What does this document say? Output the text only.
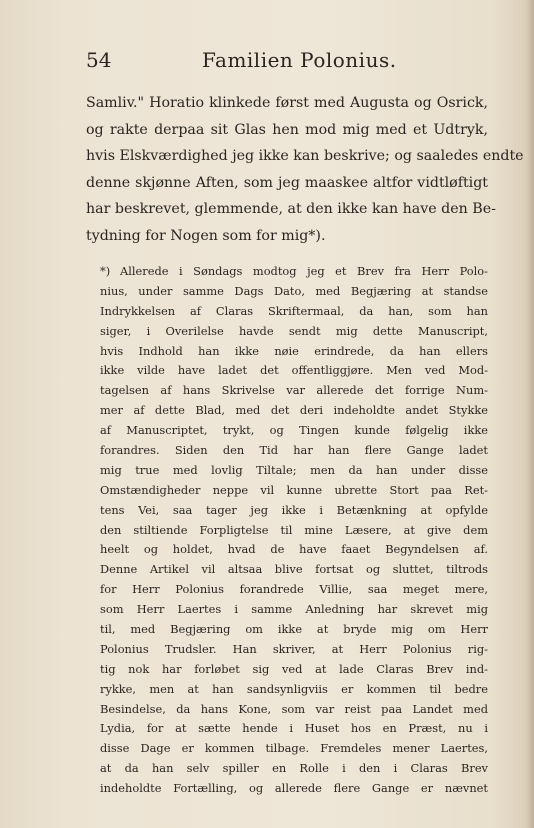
54	Familien Polonius.
Samliv." Horatio klinkede først med Augusta og Osrick,
og rakte derpaa sit Glas hen mod mig med et Udtryk,
hvis Elskværdighed jeg ikke kan beskrive; og saaledes endte
denne skjønne Aften, som jeg maaskee altfor vidtløftigt
har beskrevet, glemmende, at den ikke kan have den Be-
tydning for Nogen som for mig*).
*) Allerede i Søndags modtog jeg et Brev fra Herr Polo-
nius, under samme Dags Dato, med Begjæring at standse
Indrykkelsen af Claras Skriftermaal, da han, som han
siger, i Overilelse havde sendt mig dette Manuscript,
hvis Indhold han ikke nøie erindrede, da han ellers
ikke vilde have ladet det offentliggjøre. Men ved Mod-
tagelsen af hans Skrivelse var allerede det forrige Num-
mer af dette Blad, med det deri indeholdte andet Stykke
af Manuscriptet, trykt, og Tingen kunde følgelig ikke
forandres. Siden den Tid har han flere Gange ladet
mig true med lovlig Tiltale; men da han under disse
Omstændigheder neppe vil kunne ubrette Stort paa Ret-
tens Vei, saa tager jeg ikke i Betænkning at opfylde
den stiltiende Forpligtelse til mine Læsere, at give dem
heelt og holdet, hvad de have faaet Begyndelsen af.
Denne Artikel vil altsaa blive fortsat og sluttet, tiltrods
for Herr Polonius forandrede Villie, saa meget mere,
som Herr Laertes i samme Anledning har skrevet mig
til, med Begjæring om ikke at bryde mig om Herr
Polonius Trudsler. Han skriver, at Herr Polonius rig-
tig nok har forløbet sig ved at lade Claras Brev ind-
rykke, men at han sandsynligviis er kommen til bedre
Besindelse, da hans Kone, som var reist paa Landet med
Lydia, for at sætte hende i Huset hos en Præst, nu i
disse Dage er kommen tilbage. Fremdeles mener Laertes,
at da han selv spiller en Rolle i den i Claras Brev
indeholdte Fortælling, og allerede flere Gange er nævnet
